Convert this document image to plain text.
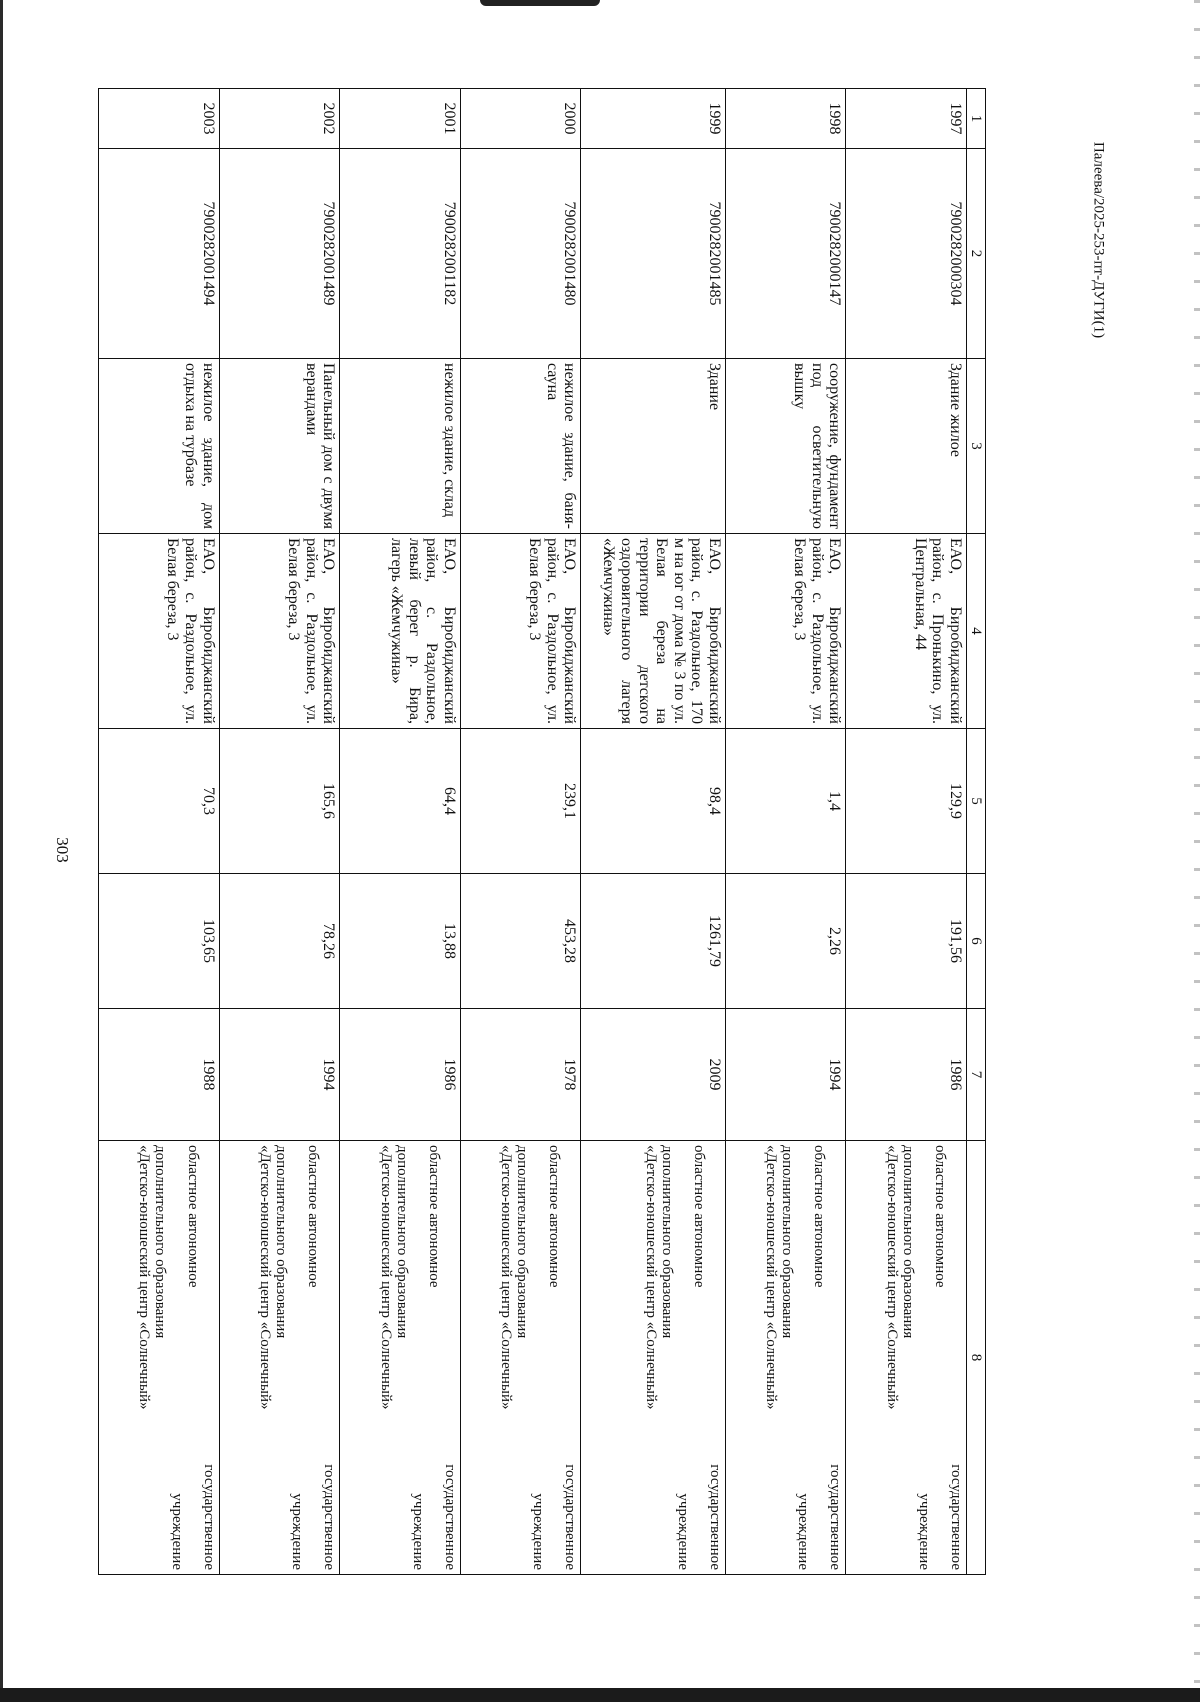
303
Палеева/2025-253-пт-ДУГИ(1)
1	2	3	4	5	6	7	8
1997	7900282000304	Здание жилое	ЕАО, Биробиджанский район, с. Пронькино, ул. Центральная, 44	129,9	191,56	1986	государственное
областное автономное
учреждение
дополнительного образования
«Детско-юношеский центр «Солнечный»

1998	7900282000147	сооружение, фундамент под осветительную вышку	ЕАО, Биробиджанский район, с. Раздольное, ул. Белая береза, 3	1,4	2,26	1994	государственное
областное автономное
учреждение
дополнительного образования
«Детско-юношеский центр «Солнечный»

1999	7900282001485	Здание	ЕАО, Биробиджанский район, с. Раздольное, 170 м на юг от дома № 3 по ул. Белая береза на территории детского оздоровительного лагеря «Жемчужина»	98,4	1261,79	2009	государственное
областное автономное
учреждение
дополнительного образования
«Детско-юношеский центр «Солнечный»

2000	7900282001480	нежилое здание, баня-сауна	ЕАО, Биробиджанский район, с. Раздольное, ул. Белая береза, 3	239,1	453,28	1978	государственное
областное автономное
учреждение
дополнительного образования
«Детско-юношеский центр «Солнечный»

2001	7900282001182	нежилое здание, склад	ЕАО, Биробиджанский район, с. Раздольное, левый берег р. Бира, лагерь «Жемчужина»	64,4	13,88	1986	государственное
областное автономное
учреждение
дополнительного образования
«Детско-юношеский центр «Солнечный»

2002	7900282001489	Панельный дом с двумя верандами	ЕАО, Биробиджанский район, с. Раздольное, ул. Белая береза, 3	165,6	78,26	1994	государственное
областное автономное
учреждение
дополнительного образования
«Детско-юношеский центр «Солнечный»

2003	7900282001494	нежилое здание, дом отдыха на турбазе	ЕАО, Биробиджанский район, с. Раздольное, ул. Белая береза, 3	70,3	103,65	1988	государственное
областное автономное
учреждение
дополнительного образования
«Детско-юношеский центр «Солнечный»
